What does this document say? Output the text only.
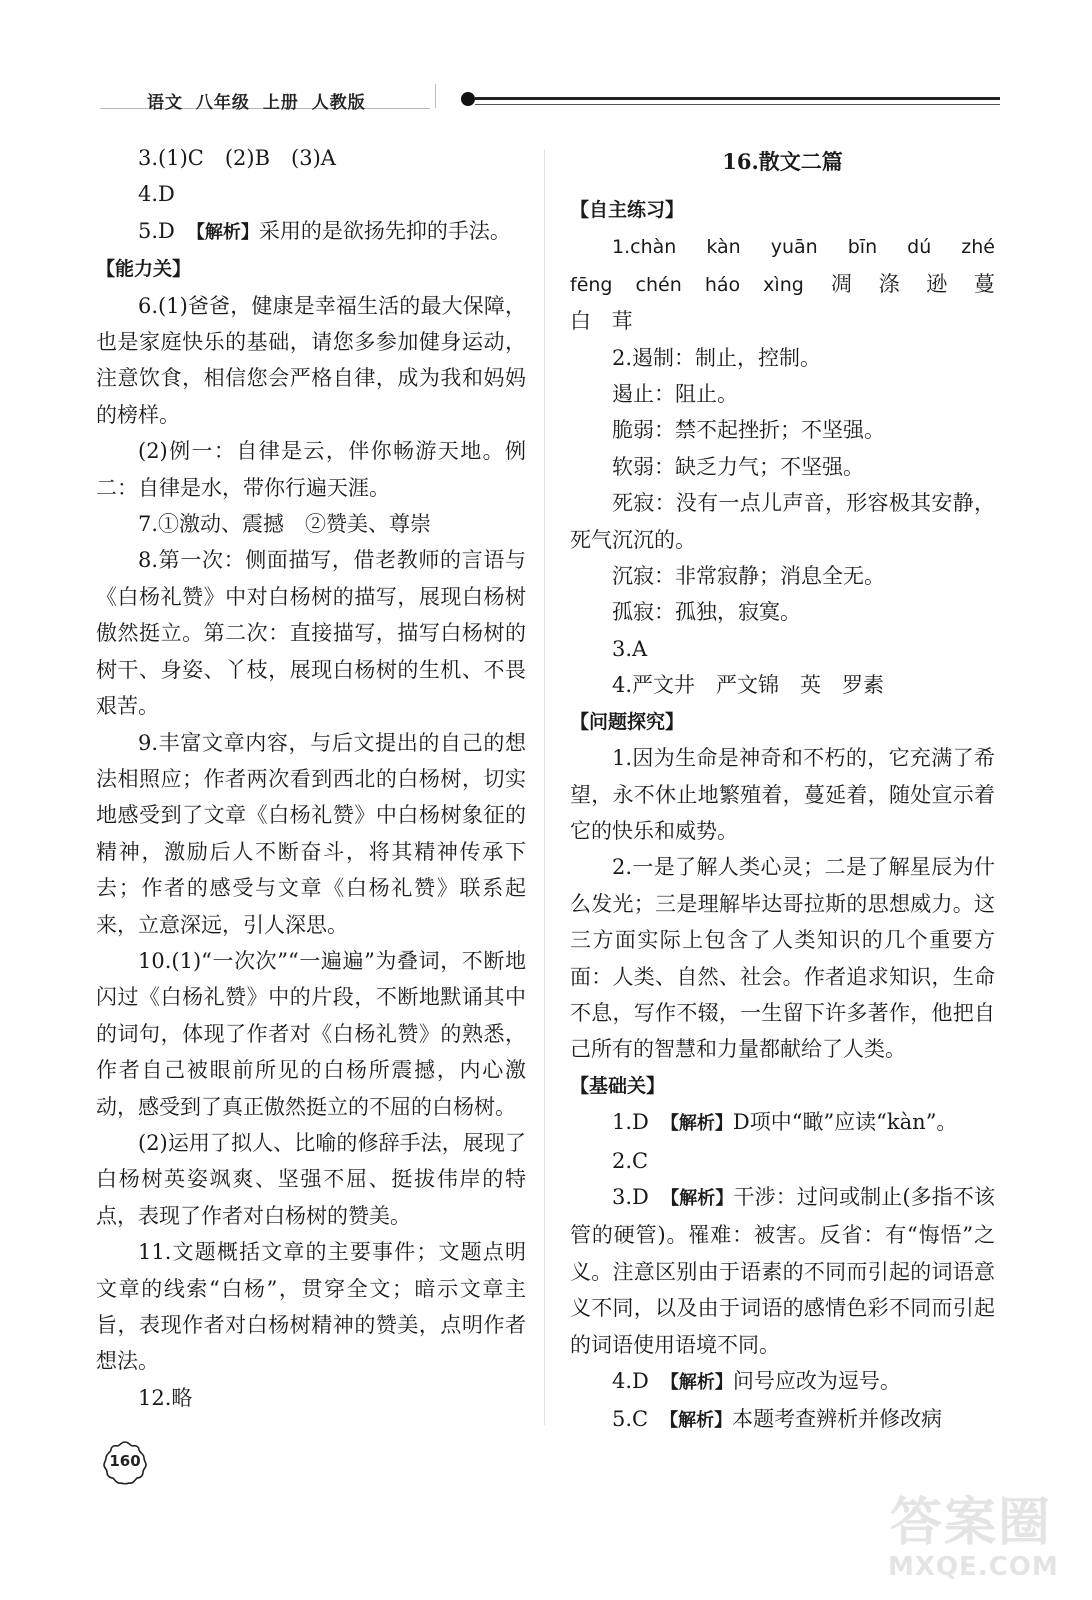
语文 八年级 上册 人教版

3.(1)C　(2)B　(3)A

4.D

5.D　【解析】采用的是欲扬先抑的手法。

【能力关】

6.(1)爸爸，健康是幸福生活的最大保障，也是家庭快乐的基础，请您多参加健身运动，注意饮食，相信您会严格自律，成为我和妈妈的榜样。

(2)例一：自律是云，伴你畅游天地。例二：自律是水，带你行遍天涯。

7.①激动、震撼　②赞美、尊崇

8.第一次：侧面描写，借老教师的言语与《白杨礼赞》中对白杨树的描写，展现白杨树傲然挺立。第二次：直接描写，描写白杨树的树干、身姿、丫枝，展现白杨树的生机、不畏艰苦。

9.丰富文章内容，与后文提出的自己的想法相照应；作者两次看到西北的白杨树，切实地感受到了文章《白杨礼赞》中白杨树象征的精神，激励后人不断奋斗，将其精神传承下去；作者的感受与文章《白杨礼赞》联系起来，立意深远，引人深思。

10.(1)“一次次”“一遍遍”为叠词，不断地闪过《白杨礼赞》中的片段，不断地默诵其中的词句，体现了作者对《白杨礼赞》的熟悉，作者自己被眼前所见的白杨所震撼，内心激动，感受到了真正傲然挺立的不屈的白杨树。

(2)运用了拟人、比喻的修辞手法，展现了白杨树英姿飒爽、坚强不屈、挺拔伟岸的特点，表现了作者对白杨树的赞美。

11.文题概括文章的主要事件；文题点明文章的线索“白杨”，贯穿全文；暗示文章主旨，表现作者对白杨树精神的赞美，点明作者想法。

12.略

16.散文二篇

【自主练习】

1.chàn kàn yuān bīn dú zhé fēng chén háo xìng　 凋 涤 逊 蔓 白 茸

2.遏制：制止，控制。

遏止：阻止。

脆弱：禁不起挫折；不坚强。

软弱：缺乏力气；不坚强。

死寂：没有一点儿声音，形容极其安静，死气沉沉的。

沉寂：非常寂静；消息全无。

孤寂：孤独，寂寞。

3.A

4.严文井　严文锦　英　罗素

【问题探究】

1.因为生命是神奇和不朽的，它充满了希望，永不休止地繁殖着，蔓延着，随处宣示着它的快乐和威势。

2.一是了解人类心灵；二是了解星辰为什么发光；三是理解毕达哥拉斯的思想威力。这三方面实际上包含了人类知识的几个重要方面：人类、自然、社会。作者追求知识，生命不息，写作不辍，一生留下许多著作，他把自己所有的智慧和力量都献给了人类。

【基础关】

1.D　【解析】D项中“瞰”应读“kàn”。

2.C

3.D　【解析】干涉：过问或制止(多指不该管的硬管)。罹难：被害。反省：有“悔悟”之义。注意区别由于语素的不同而引起的词语意义不同，以及由于词语的感情色彩不同而引起的词语使用语境不同。

4.D　【解析】问号应改为逗号。

5.C　【解析】本题考查辨析并修改病

160
答案圈
MXQE.COM
